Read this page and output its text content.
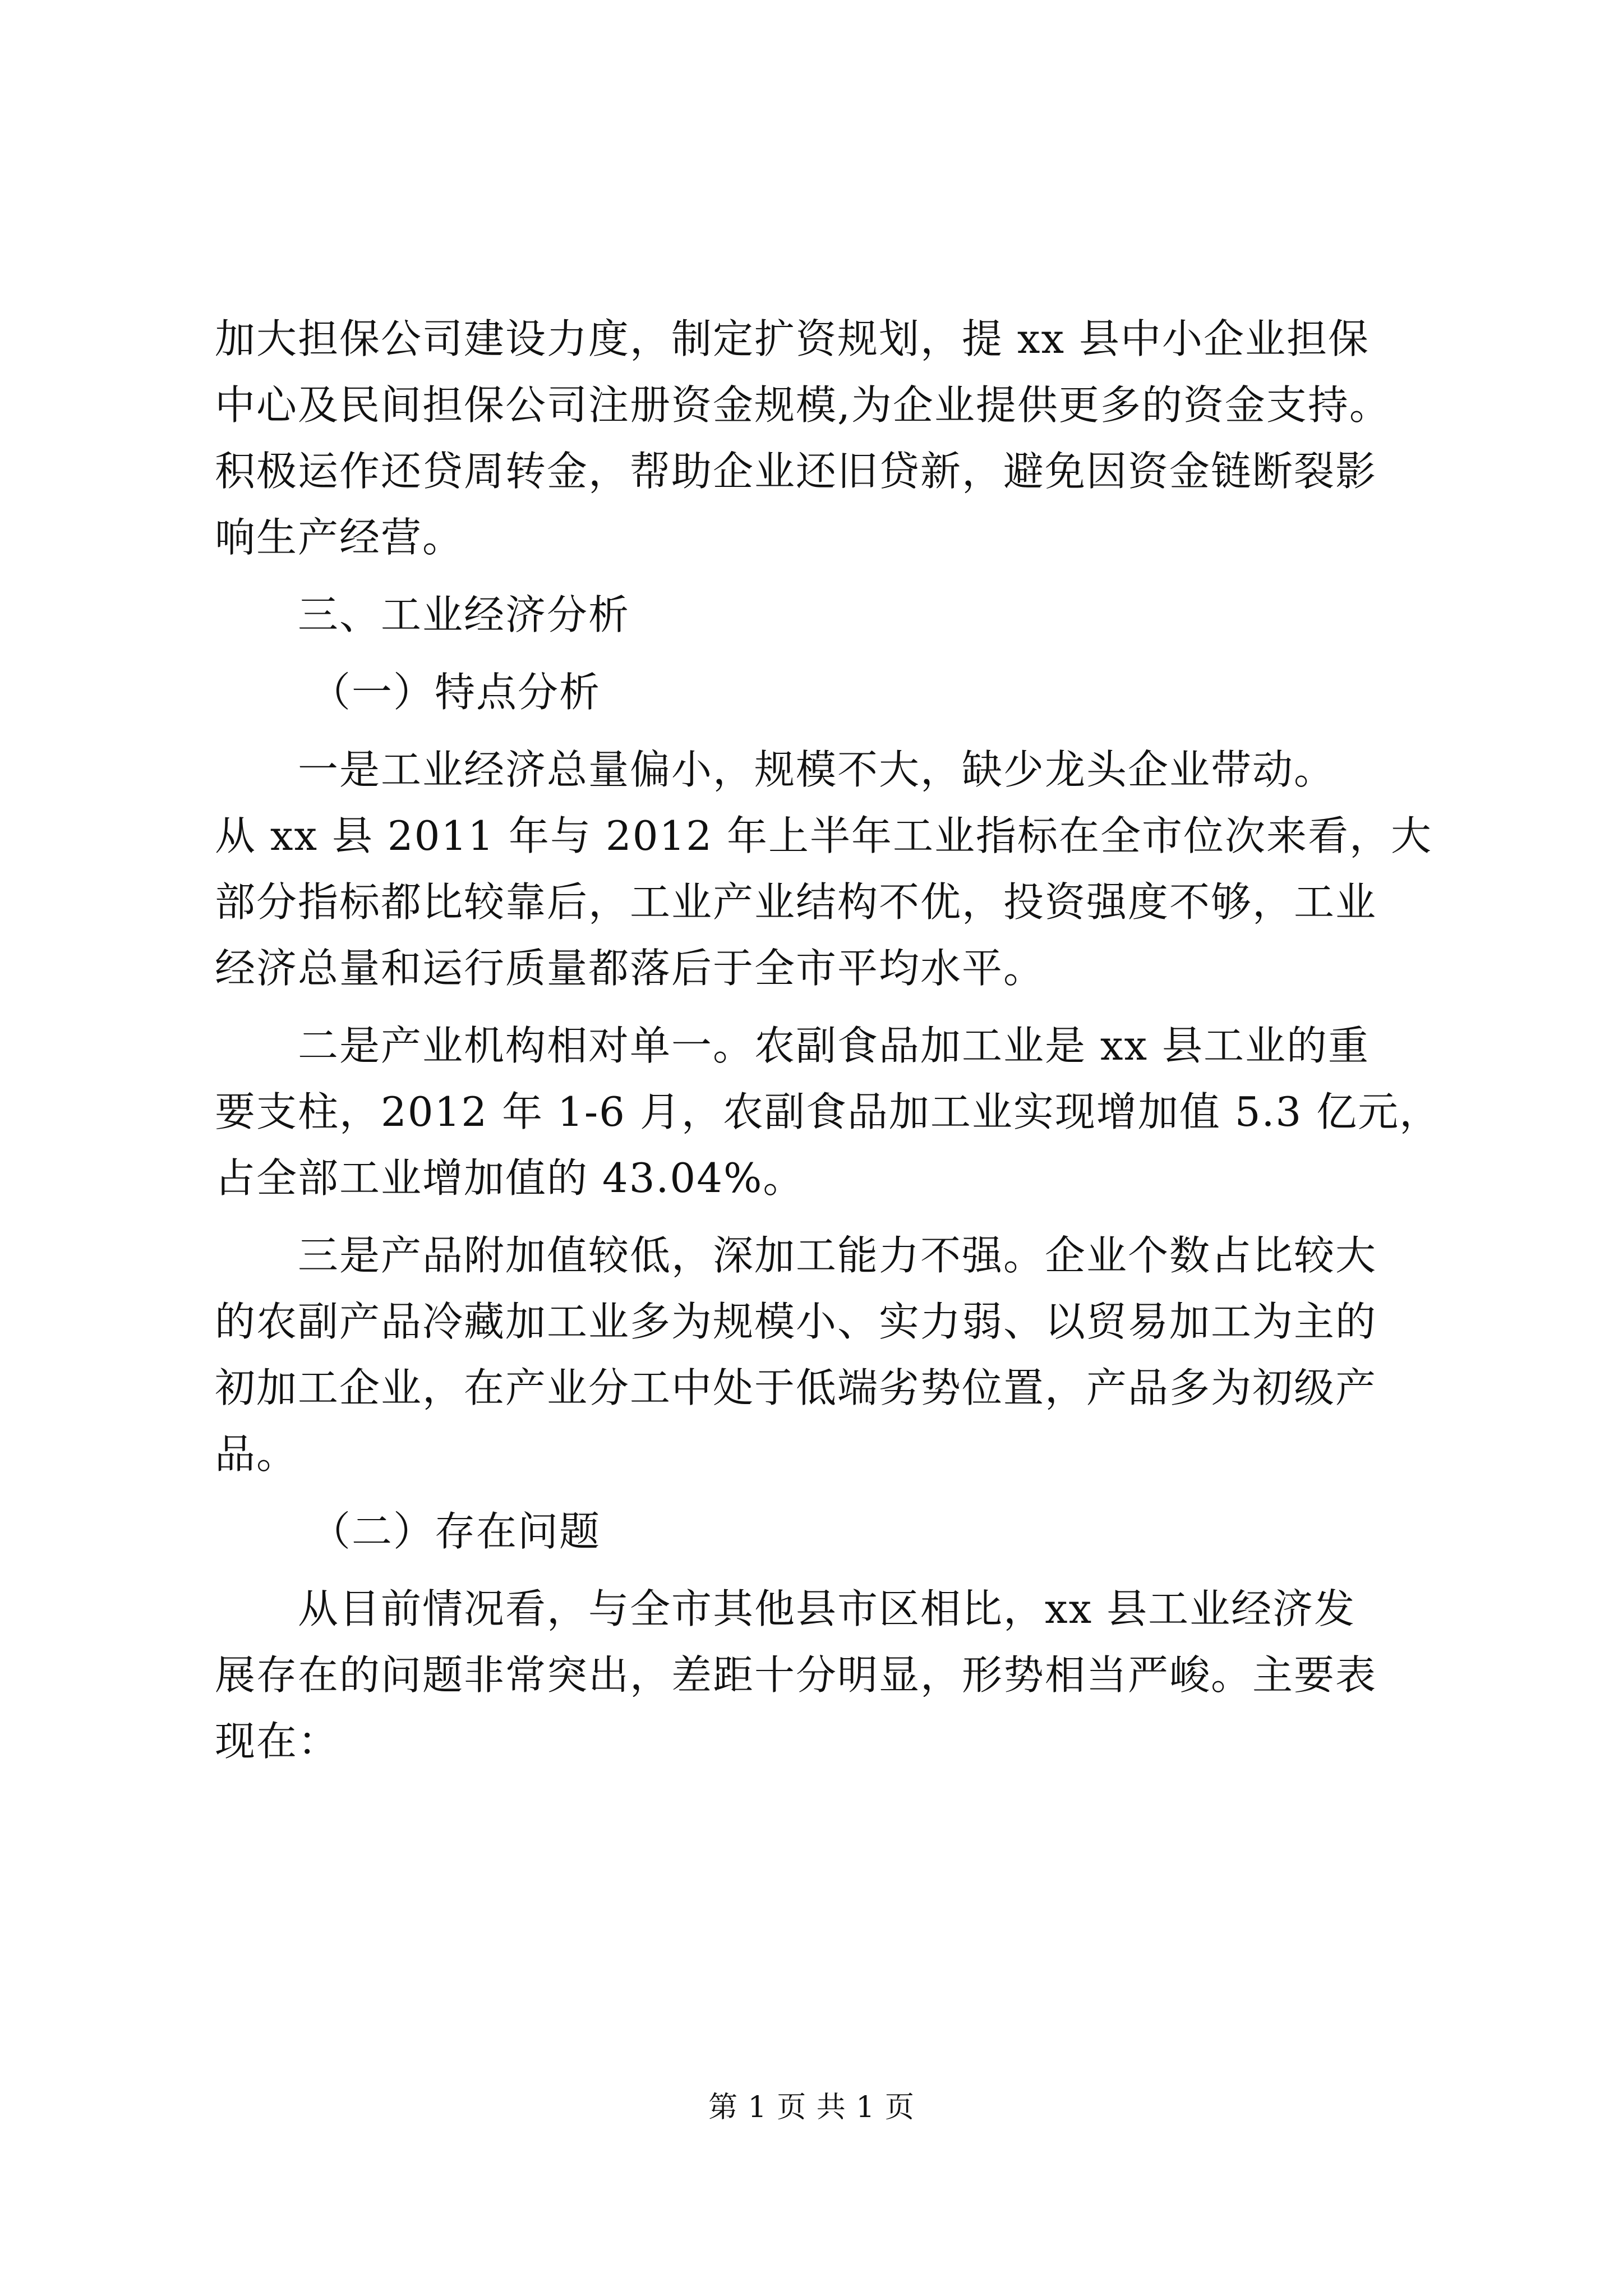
加大担保公司建设力度，制定扩资规划，提 xx 县中小企业担保
中心及民间担保公司注册资金规模,为企业提供更多的资金支持。
积极运作还贷周转金，帮助企业还旧贷新，避免因资金链断裂影
响生产经营。
三、工业经济分析
（一）特点分析
一是工业经济总量偏小，规模不大，缺少龙头企业带动。
从 xx 县 2011 年与 2012 年上半年工业指标在全市位次来看，大
部分指标都比较靠后，工业产业结构不优，投资强度不够，工业
经济总量和运行质量都落后于全市平均水平。
二是产业机构相对单一。农副食品加工业是 xx 县工业的重
要支柱，2012 年 1-6 月，农副食品加工业实现增加值 5.3 亿元，
占全部工业增加值的 43.04%。
三是产品附加值较低，深加工能力不强。企业个数占比较大
的农副产品冷藏加工业多为规模小、实力弱、以贸易加工为主的
初加工企业，在产业分工中处于低端劣势位置，产品多为初级产
品。
（二）存在问题
从目前情况看，与全市其他县市区相比，xx 县工业经济发
展存在的问题非常突出，差距十分明显，形势相当严峻。主要表
现在：
第 1 页 共 1 页
